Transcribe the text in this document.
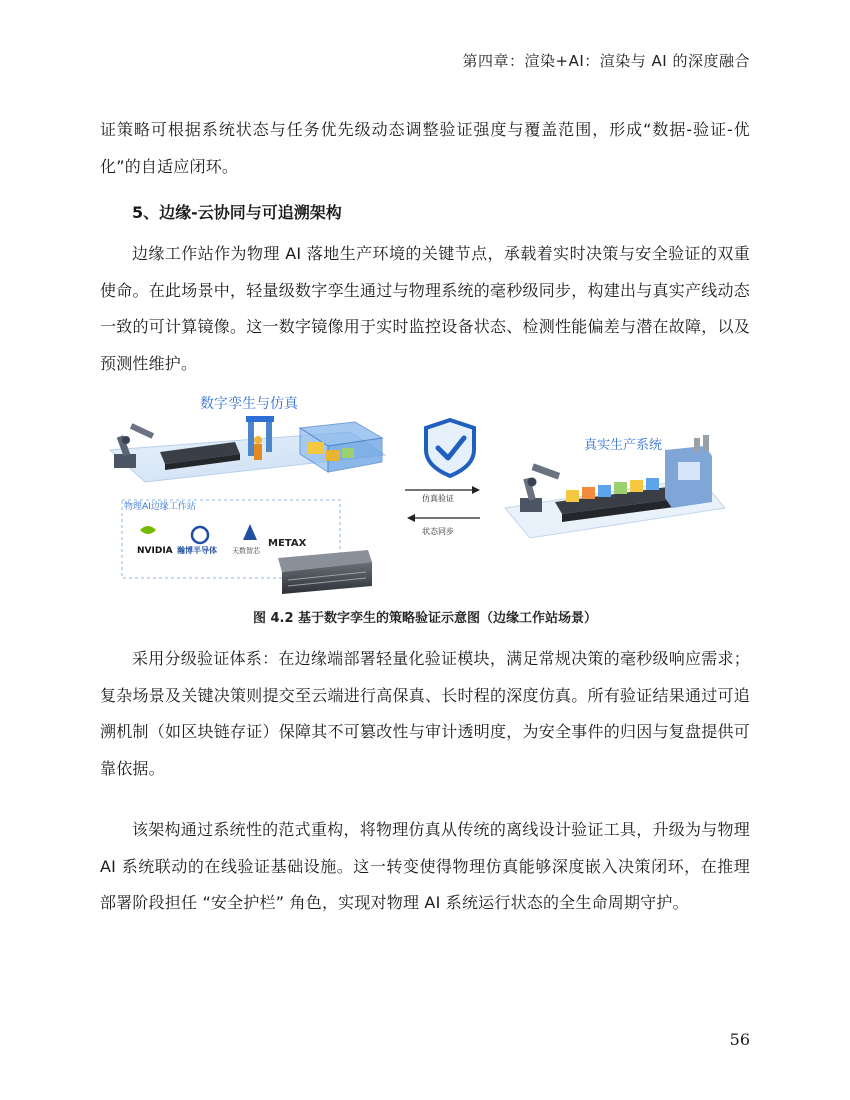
第四章：渲染+AI：渲染与 AI 的深度融合

证策略可根据系统状态与任务优先级动态调整验证强度与覆盖范围，形成“数据-验证-优化”的自适应闭环。

5、边缘-云协同与可追溯架构

边缘工作站作为物理 AI 落地生产环境的关键节点，承载着实时决策与安全验证的双重使命。在此场景中，轻量级数字孪生通过与物理系统的毫秒级同步，构建出与真实产线动态一致的可计算镜像。这一数字镜像用于实时监控设备状态、检测性能偏差与潜在故障，以及预测性维护。

数字孪生与仿真
物理AI边缘工作站
NVIDIA 瀚博半导体 天数智芯
METAX
仿真验证
状态同步
真实生产系统
图 4.2 基于数字孪生的策略验证示意图（边缘工作站场景）

采用分级验证体系：在边缘端部署轻量化验证模块，满足常规决策的毫秒级响应需求；复杂场景及关键决策则提交至云端进行高保真、长时程的深度仿真。所有验证结果通过可追溯机制（如区块链存证）保障其不可篡改性与审计透明度，为安全事件的归因与复盘提供可靠依据。

该架构通过系统性的范式重构，将物理仿真从传统的离线设计验证工具，升级为与物理 AI 系统联动的在线验证基础设施。这一转变使得物理仿真能够深度嵌入决策闭环，在推理部署阶段担任 “安全护栏” 角色，实现对物理 AI 系统运行状态的全生命周期守护。

56
